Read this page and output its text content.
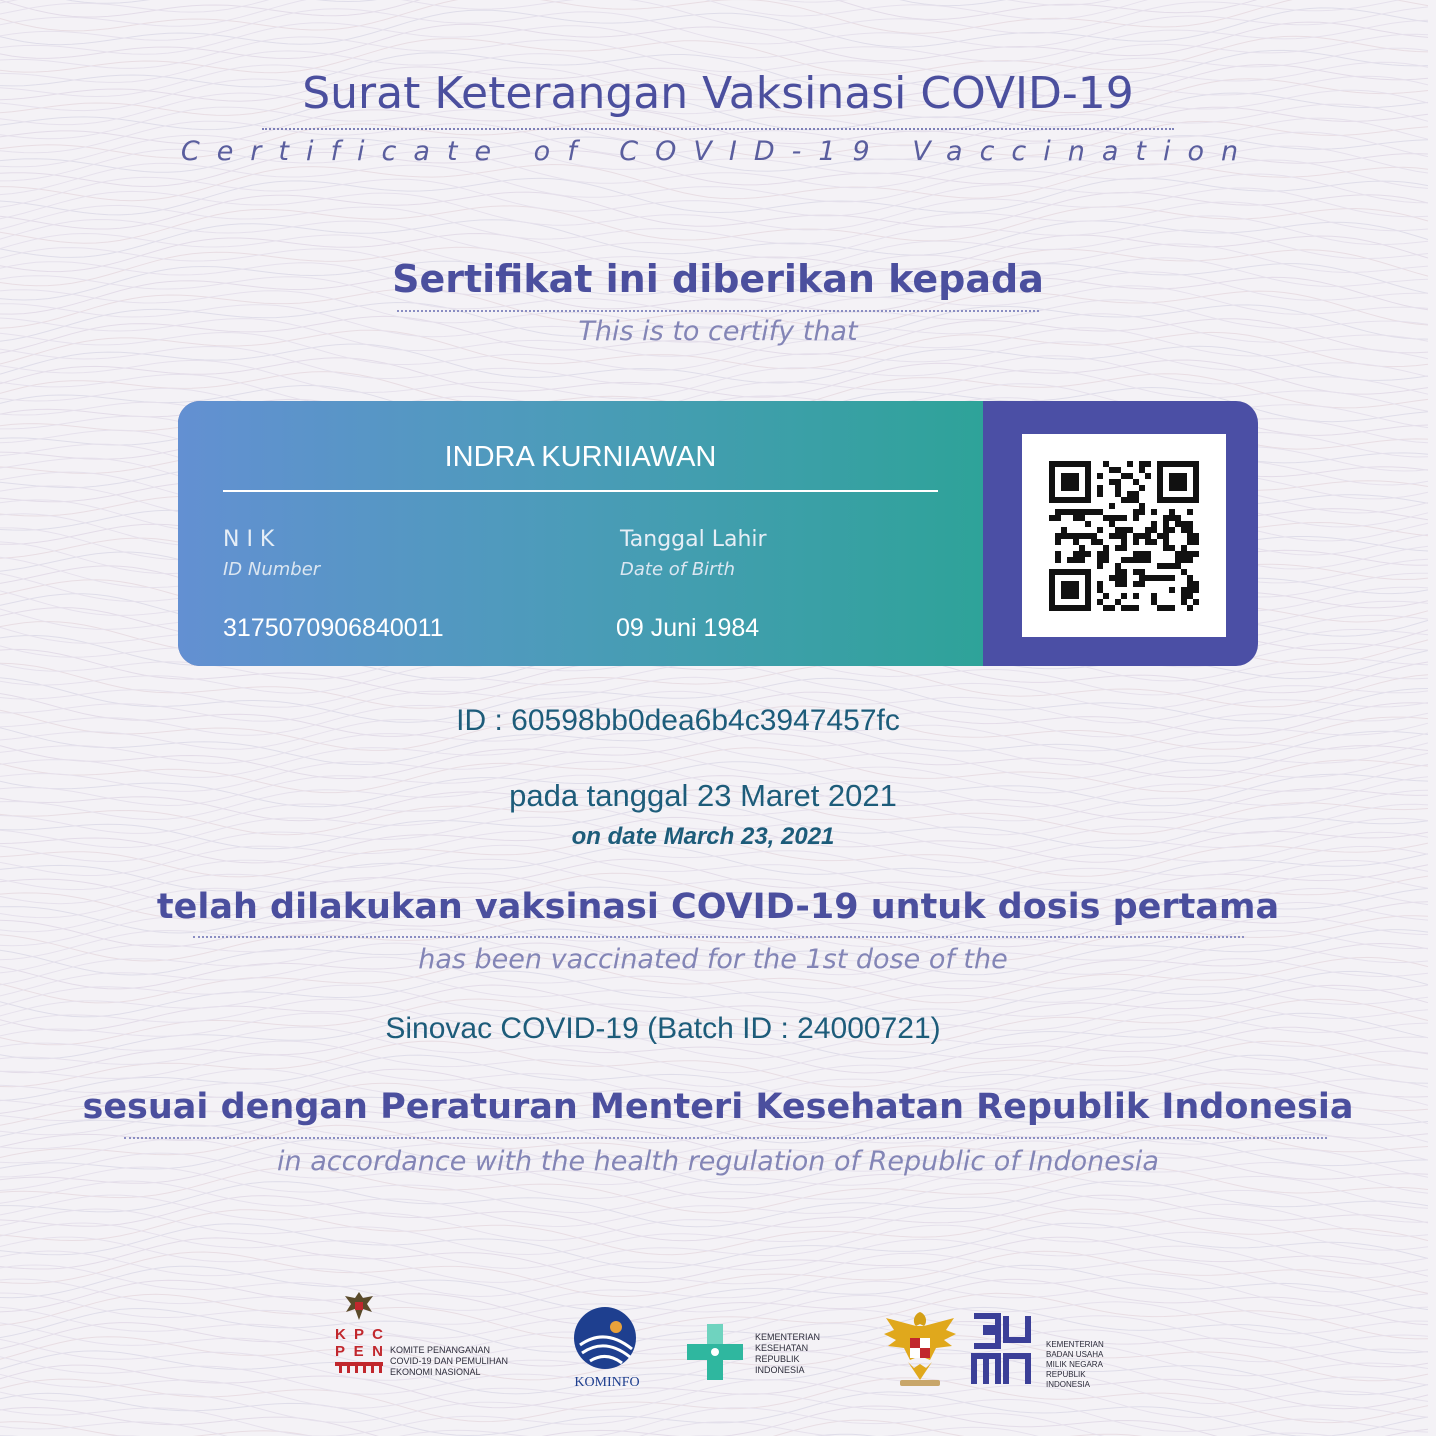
Surat Keterangan Vaksinasi COVID-19
Certificate of COVID-19 Vaccination
Sertifikat ini diberikan kepada
This is to certify that
INDRA KURNIAWAN
N I K
ID Number
3175070906840011
Tanggal Lahir
Date of Birth
09 Juni 1984
ID : 60598bb0dea6b4c3947457fc
pada tanggal 23 Maret 2021
on date March 23, 2021
telah dilakukan vaksinasi COVID-19 untuk dosis pertama
has been vaccinated for the 1st dose of the
Sinovac COVID-19 (Batch ID : 24000721)
sesuai dengan Peraturan Menteri Kesehatan Republik Indonesia
in accordance with the health regulation of Republic of Indonesia
K P C
P E N KOMITE PENANGANAN
COVID-19 DAN PEMULIHAN
EKONOMI NASIONAL
KOMINFO
KEMENTERIAN
KESEHATAN
REPUBLIK
INDONESIA
KEMENTERIAN
BADAN USAHA
MILIK NEGARA
REPUBLIK
INDONESIA
